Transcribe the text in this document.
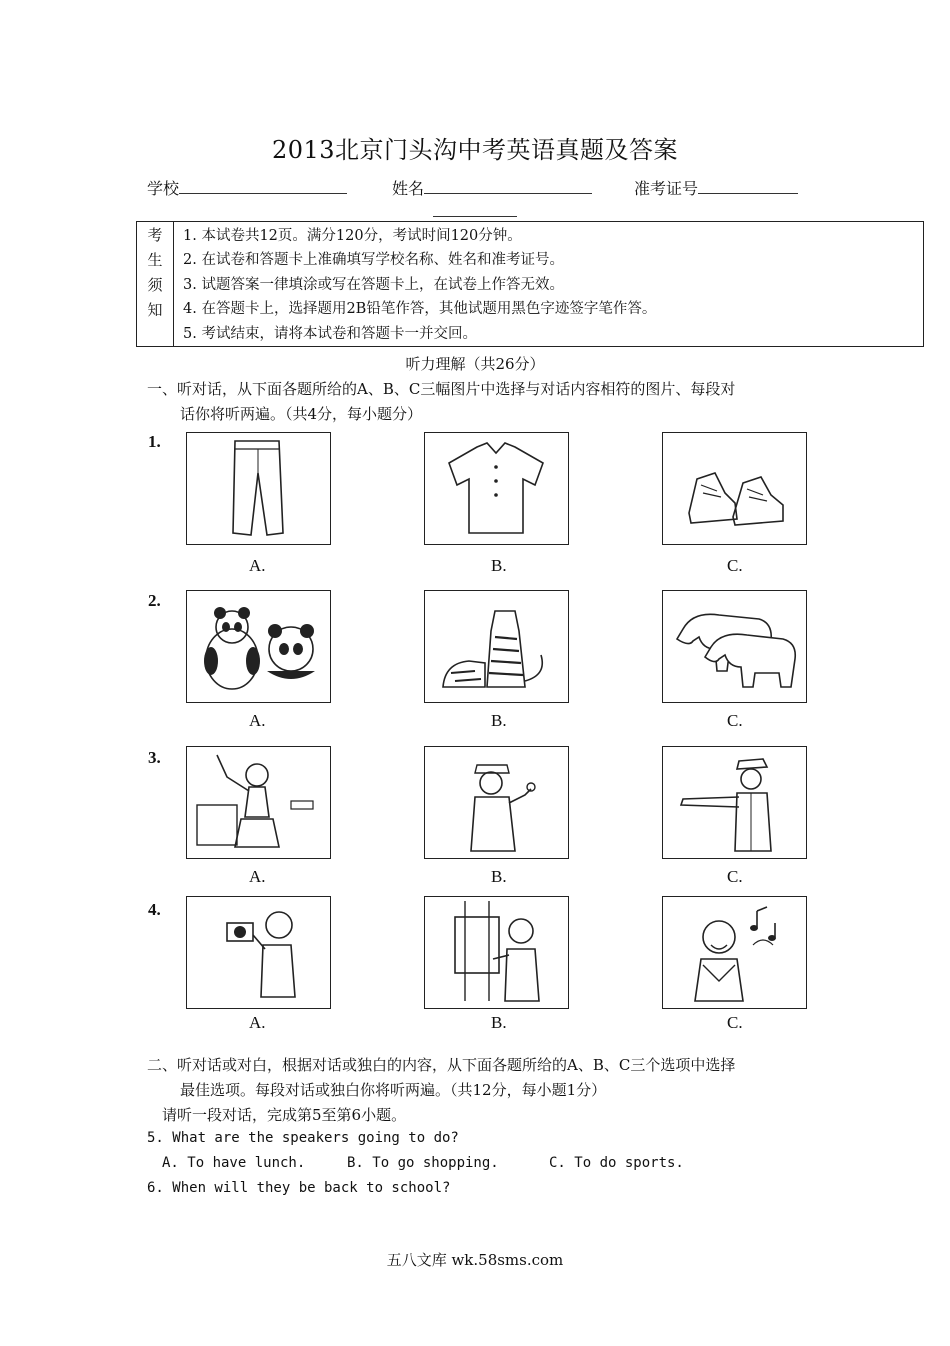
2013北京门头沟中考英语真题及答案
学校	姓名	准考证号
考
生
须
知
1. 本试卷共12页。满分120分，考试时间120分钟。
2. 在试卷和答题卡上准确填写学校名称、姓名和准考证号。
3. 试题答案一律填涂或写在答题卡上，在试卷上作答无效。
4. 在答题卡上，选择题用2B铅笔作答，其他试题用黑色字迹签字笔作答。
5. 考试结束，请将本试卷和答题卡一并交回。
听力理解（共26分）
一、听对话，从下面各题所给的A、B、C三幅图片中选择与对话内容相符的图片、每段对
话你将听两遍。（共4分，每小题分）
1.
A.	B.	C.
2.
A.	B.	C.
3.
A.	B.	C.
4.
A.	B.	C.
二、听对话或对白，根据对话或独白的内容，从下面各题所给的A、B、C三个选项中选择
最佳选项。每段对话或独白你将听两遍。（共12分，每小题1分）
请听一段对话，完成第5至第6小题。
5. What are the speakers going to do?
A. To have lunch.	B. To go shopping.	C. To do sports.
6. When will they be back to school?
五八文库 wk.58sms.com
